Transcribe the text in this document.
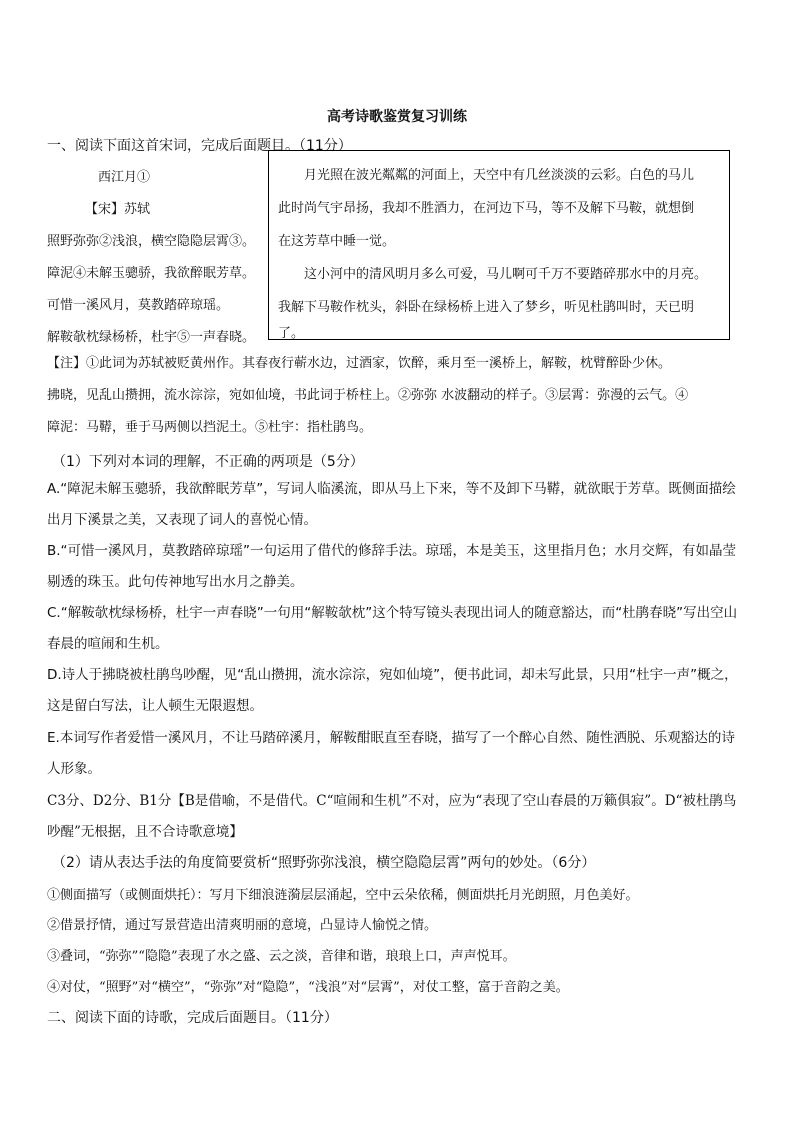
高考诗歌鉴赏复习训练
一、阅读下面这首宋词，完成后面题目。（11分）
西江月①
【宋】苏轼
照野弥弥②浅浪，横空隐隐层霄③。
障泥④未解玉骢骄，我欲醉眠芳草。
可惜一溪风月，莫教踏碎琼瑶。
解鞍欹枕绿杨桥，杜宇⑤一声春晓。
月光照在波光粼粼的河面上，天空中有几丝淡淡的云彩。白色的马儿
此时尚气宇昂扬，我却不胜酒力，在河边下马，等不及解下马鞍，就想倒
在这芳草中睡一觉。
这小河中的清风明月多么可爱，马儿啊可千万不要踏碎那水中的月亮。
我解下马鞍作枕头，斜卧在绿杨桥上进入了梦乡，听见杜鹃叫时，天已明
了。
【注】①此词为苏轼被贬黄州作。其春夜行蕲水边，过酒家，饮醉，乘月至一溪桥上，解鞍，枕臂醉卧少休。
拂晓，见乱山攒拥，流水淙淙，宛如仙境，书此词于桥柱上。②弥弥 水波翻动的样子。③层霄：弥漫的云气。④
障泥：马鞯，垂于马两侧以挡泥土。⑤杜宇：指杜鹃鸟。
（1）下列对本词的理解，不正确的两项是（5分）
A.“障泥未解玉骢骄，我欲醉眠芳草”，写词人临溪流，即从马上下来，等不及卸下马鞯，就欲眠于芳草。既侧面描绘出月下溪景之美，又表现了词人的喜悦心情。
B.“可惜一溪风月，莫教踏碎琼瑶”一句运用了借代的修辞手法。琼瑶，本是美玉，这里指月色；水月交辉，有如晶莹剔透的珠玉。此句传神地写出水月之静美。
C.“解鞍欹枕绿杨桥，杜宇一声春晓”一句用“解鞍欹枕”这个特写镜头表现出词人的随意豁达，而“杜鹃春晓”写出空山春晨的喧闹和生机。
D.诗人于拂晓被杜鹃鸟吵醒，见“乱山攒拥，流水淙淙，宛如仙境”，便书此词，却未写此景，只用“杜宇一声”概之，这是留白写法，让人顿生无限遐想。
E.本词写作者爱惜一溪风月，不让马踏碎溪月，解鞍酣眠直至春晓，描写了一个醉心自然、随性洒脱、乐观豁达的诗人形象。
C3分、D2分、B1分【B是借喻，不是借代。C“喧闹和生机”不对，应为“表现了空山春晨的万籁俱寂”。D“被杜鹃鸟吵醒”无根据，且不合诗歌意境】
（2）请从表达手法的角度简要赏析“照野弥弥浅浪，横空隐隐层霄”两句的妙处。（6分）
①侧面描写（或侧面烘托）：写月下细浪涟漪层层涌起，空中云朵依稀，侧面烘托月光朗照，月色美好。
②借景抒情，通过写景营造出清爽明丽的意境，凸显诗人愉悦之情。
③叠词，“弥弥”“隐隐”表现了水之盛、云之淡，音律和谐，琅琅上口，声声悦耳。
④对仗，“照野”对“横空”，“弥弥”对“隐隐”，“浅浪”对“层霄”，对仗工整，富于音韵之美。
二、阅读下面的诗歌，完成后面题目。（11分）
